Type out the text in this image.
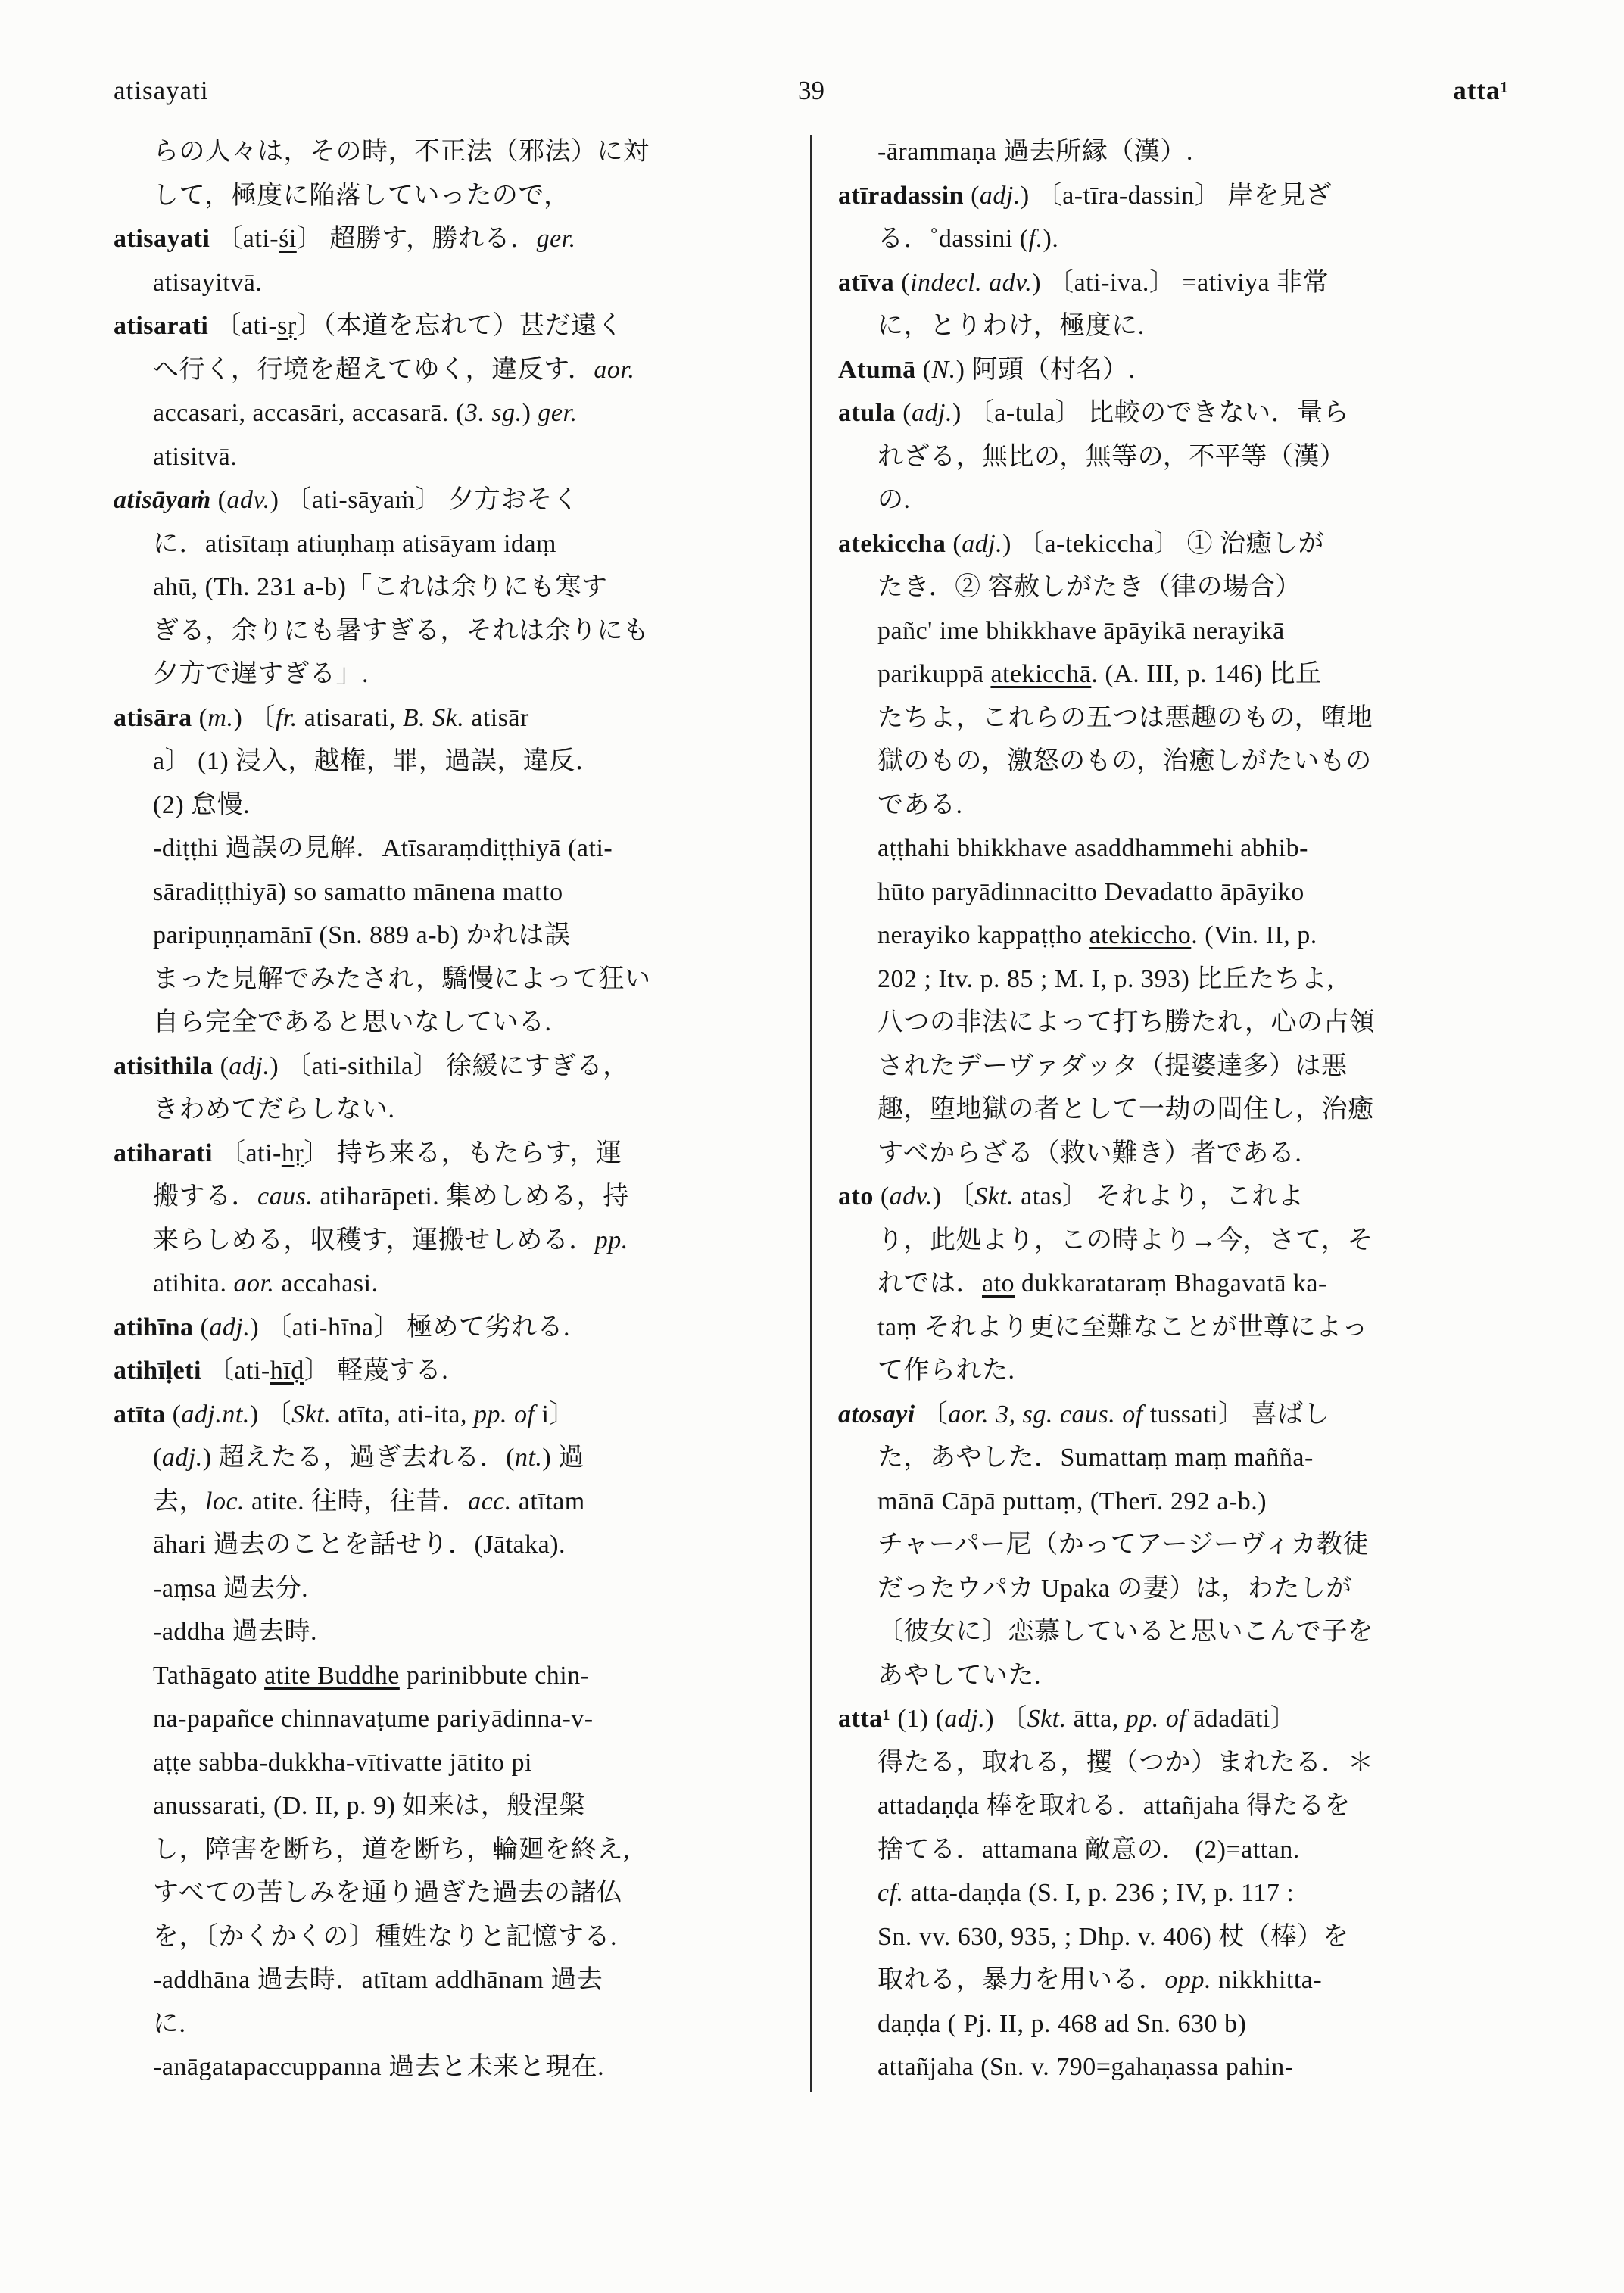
atisayati	39	atta¹
らの人々は，その時，不正法（邪法）に対
して，極度に陥落していったので，
atisayati 〔ati-śi〕 超勝す，勝れる．ger.
atisayitvā.
atisarati 〔ati-sṛ〕（本道を忘れて）甚だ遠く
へ行く，行境を超えてゆく，違反す．aor.
accasari, accasāri, accasarā. (3. sg.) ger.
atisitvā.
atisāyaṁ (adv.) 〔ati-sāyaṁ〕 夕方おそく
に．atisītaṃ atiuṇhaṃ atisāyam idaṃ
ahū, (Th. 231 a-b)「これは余りにも寒す
ぎる，余りにも暑すぎる，それは余りにも
夕方で遅すぎる」.
atisāra (m.) 〔fr. atisarati, B. Sk. atisār
a〕 (1) 浸入，越権，罪，過誤，違反．
(2) 怠慢.
-diṭṭhi 過誤の見解．Atīsaraṃdiṭṭhiyā (ati-
sāradiṭṭhiyā) so samatto mānena matto
paripuṇṇamānī (Sn. 889 a-b) かれは誤
まった見解でみたされ，驕慢によって狂い
自ら完全であると思いなしている.
atisithila (adj.) 〔ati-sithila〕 徐緩にすぎる，
きわめてだらしない.
atiharati 〔ati-hṛ〕 持ち来る，もたらす，運
搬する．caus. atiharāpeti. 集めしめる，持
来らしめる，収穫す，運搬せしめる．pp.
atihita. aor. accahasi.
atihīna (adj.) 〔ati-hīna〕 極めて劣れる.
atihīḷeti 〔ati-hīḍ〕 軽蔑する.
atīta (adj.nt.) 〔Skt. atīta, ati-ita, pp. of i〕
(adj.) 超えたる，過ぎ去れる．(nt.) 過
去，loc. atite. 往時，往昔．acc. atītam
āhari 過去のことを話せり．(Jātaka).
-aṃsa 過去分.
-addha 過去時.
Tathāgato atite Buddhe parinibbute chin-
na-papañce chinnavaṭume pariyādinna-v-
aṭṭe sabba-dukkha-vītivatte jātito pi
anussarati, (D. II, p. 9) 如来は，般涅槃
し，障害を断ち，道を断ち，輪廻を終え,
すべての苦しみを通り過ぎた過去の諸仏
を，〔かくかくの〕種姓なりと記憶する.
-addhāna 過去時．atītam addhānam 過去
に.
-anāgatapaccuppanna 過去と未来と現在.
-ārammaṇa 過去所縁（漢）.
atīradassin (adj.) 〔a-tīra-dassin〕 岸を見ざ
る．˚dassini (f.).
atīva (indecl. adv.) 〔ati-iva.〕 =ativiya 非常
に，とりわけ，極度に.
Atumā (N.) 阿頭（村名）.
atula (adj.) 〔a-tula〕 比較のできない．量ら
れざる，無比の，無等の，不平等（漢）
の.
atekiccha (adj.) 〔a-tekiccha〕 ① 治癒しが
たき．② 容赦しがたき（律の場合）
pañc' ime bhikkhave āpāyikā nerayikā
parikuppā atekicchā. (A. III, p. 146) 比丘
たちよ，これらの五つは悪趣のもの，堕地
獄のもの，激怒のもの，治癒しがたいもの
である.
aṭṭhahi bhikkhave asaddhammehi abhib-
hūto paryādinnacitto Devadatto āpāyiko
nerayiko kappaṭṭho atekiccho. (Vin. II, p.
202 ; Itv. p. 85 ; M. I, p. 393) 比丘たちよ,
八つの非法によって打ち勝たれ，心の占領
されたデーヴァダッタ（提婆達多）は悪
趣，堕地獄の者として一劫の間住し，治癒
すべからざる（救い難き）者である.
ato (adv.) 〔Skt. atas〕 それより，これよ
り，此処より，この時より→今，さて，そ
れでは．ato dukkarataraṃ Bhagavatā ka-
taṃ それより更に至難なことが世尊によっ
て作られた.
atosayi 〔aor. 3, sg. caus. of tussati〕 喜ばし
た，あやした．Sumattaṃ maṃ mañña-
mānā Cāpā puttaṃ, (Therī. 292 a-b.)
チャーパー尼（かってアージーヴィカ教徒
だったウパカ Upaka の妻）は，わたしが
〔彼女に〕恋慕していると思いこんで子を
あやしていた.
atta¹ (1) (adj.) 〔Skt. ātta, pp. of ādadāti〕
得たる，取れる，攫（つか）まれたる．＊
attadaṇḍa 棒を取れる．attañjaha 得たるを
捨てる．attamana 敵意の． (2)=attan.
cf. atta-daṇḍa (S. I, p. 236 ; IV, p. 117 :
Sn. vv. 630, 935, ; Dhp. v. 406) 杖（棒）を
取れる，暴力を用いる．opp. nikkhitta-
daṇḍa ( Pj. II, p. 468 ad Sn. 630 b)
attañjaha (Sn. v. 790=gahaṇassa pahin-
